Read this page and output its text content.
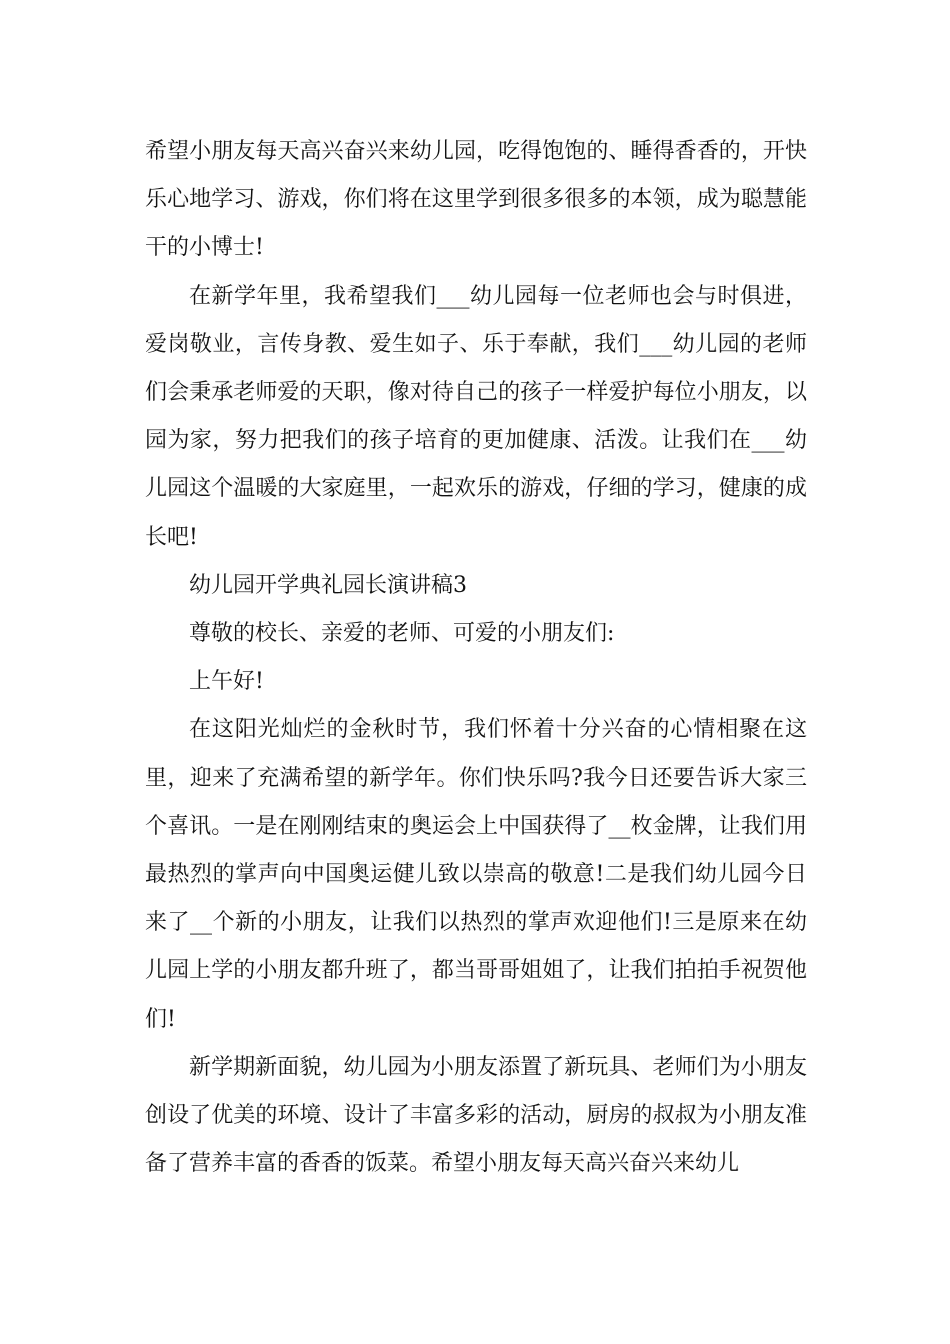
希望小朋友每天高兴奋兴来幼儿园，吃得饱饱的、睡得香香的，开快乐心地学习、游戏，你们将在这里学到很多很多的本领，成为聪慧能干的小博士!

在新学年里，我希望我们___幼儿园每一位老师也会与时俱进，爱岗敬业，言传身教、爱生如子、乐于奉献，我们___幼儿园的老师们会秉承老师爱的天职，像对待自己的孩子一样爱护每位小朋友，以园为家，努力把我们的孩子培育的更加健康、活泼。让我们在___幼儿园这个温暖的大家庭里，一起欢乐的游戏，仔细的学习，健康的成长吧!

幼儿园开学典礼园长演讲稿3

尊敬的校长、亲爱的老师、可爱的小朋友们:

上午好!

在这阳光灿烂的金秋时节，我们怀着十分兴奋的心情相聚在这里，迎来了充满希望的新学年。你们快乐吗?我今日还要告诉大家三个喜讯。一是在刚刚结束的奥运会上中国获得了__枚金牌，让我们用最热烈的掌声向中国奥运健儿致以崇高的敬意!二是我们幼儿园今日来了__个新的小朋友，让我们以热烈的掌声欢迎他们!三是原来在幼儿园上学的小朋友都升班了，都当哥哥姐姐了，让我们拍拍手祝贺他们!

新学期新面貌，幼儿园为小朋友添置了新玩具、老师们为小朋友创设了优美的环境、设计了丰富多彩的活动，厨房的叔叔为小朋友准备了营养丰富的香香的饭菜。希望小朋友每天高兴奋兴来幼儿
